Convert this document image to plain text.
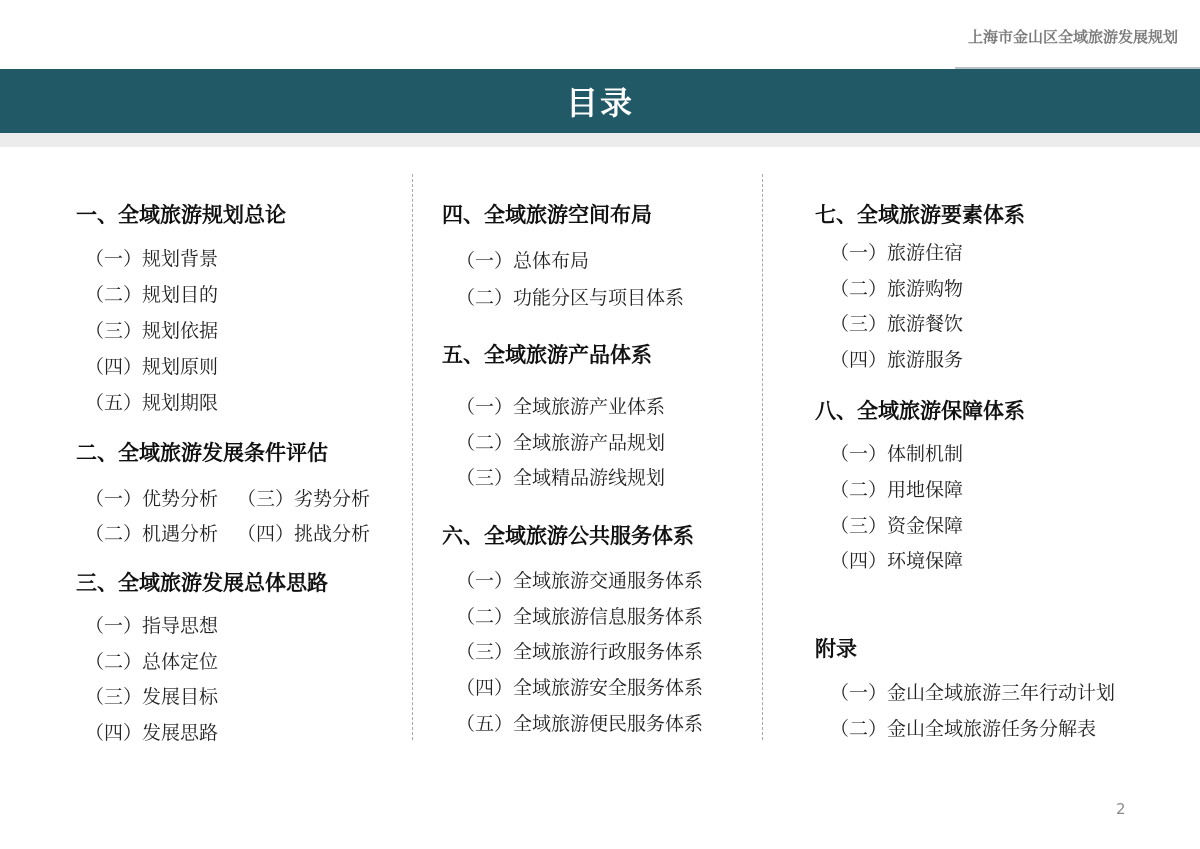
上海市金山区全域旅游发展规划
目录
一、全域旅游规划总论
（一）规划背景
（二）规划目的
（三）规划依据
（四）规划原则
（五）规划期限
二、全域旅游发展条件评估
（一）优势分析 （三）劣势分析
（二）机遇分析 （四）挑战分析
三、全域旅游发展总体思路
（一）指导思想
（二）总体定位
（三）发展目标
（四）发展思路
四、全域旅游空间布局
（一）总体布局
（二）功能分区与项目体系
五、全域旅游产品体系
（一）全域旅游产业体系
（二）全域旅游产品规划
（三）全域精品游线规划
六、全域旅游公共服务体系
（一）全域旅游交通服务体系
（二）全域旅游信息服务体系
（三）全域旅游行政服务体系
（四）全域旅游安全服务体系
（五）全域旅游便民服务体系
七、全域旅游要素体系
（一）旅游住宿
（二）旅游购物
（三）旅游餐饮
（四）旅游服务
八、全域旅游保障体系
（一）体制机制
（二）用地保障
（三）资金保障
（四）环境保障
附录
（一）金山全域旅游三年行动计划
（二）金山全域旅游任务分解表
2
